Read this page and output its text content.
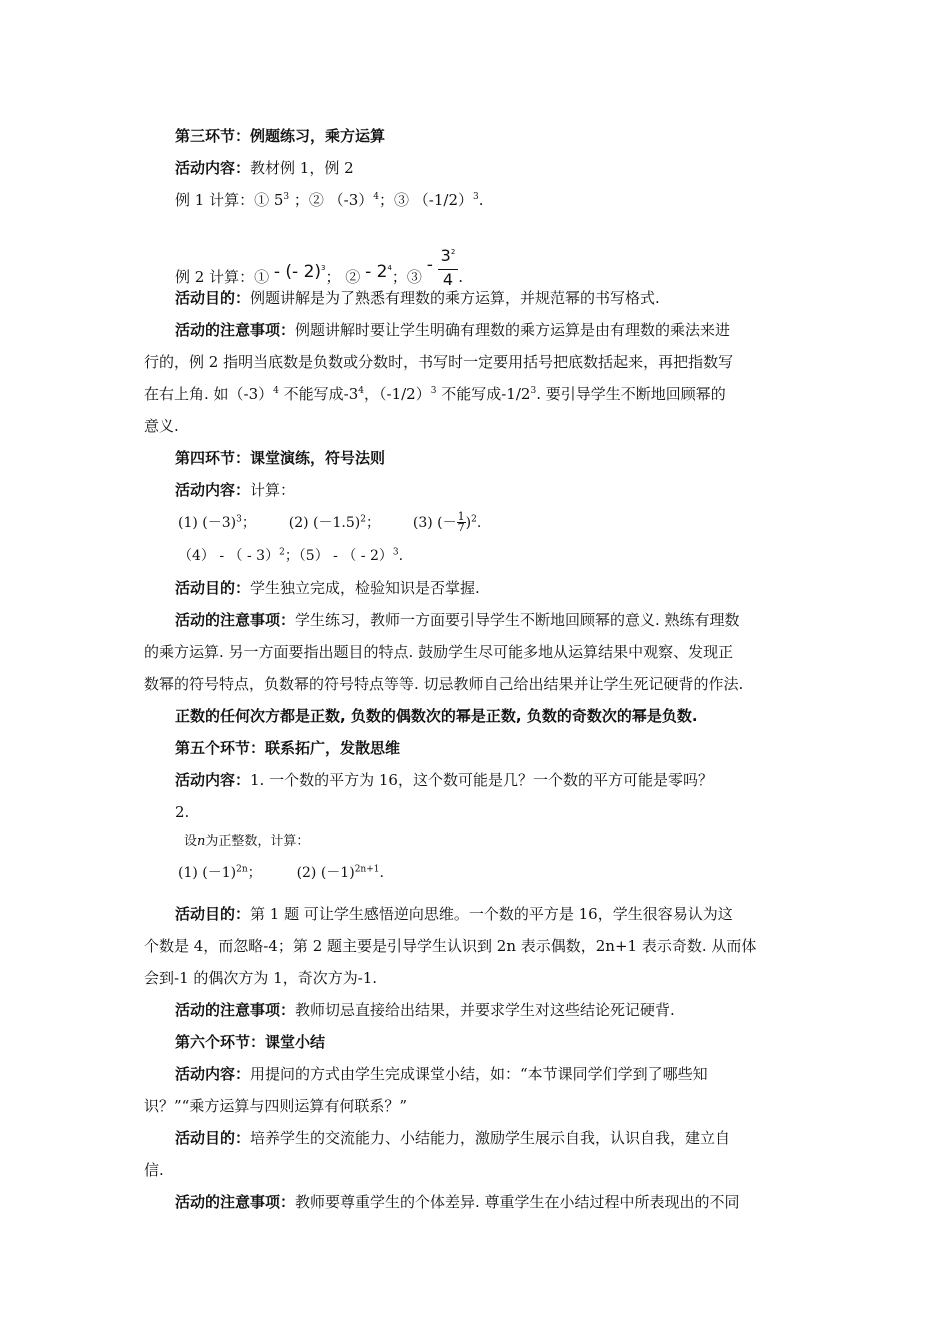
第三环节：例题练习，乘方运算
活动内容：教材例 1，例 2
例 1 计算：① $5^3$ ；② $(-3)^4$；③ $(-1/2)^3$.
例 2 计算：① - (- 2)$^3$； ② - $2^4$；③ - $\frac{3^2}{4}$ .
活动目的：例题讲解是为了熟悉有理数的乘方运算，并规范幂的书写格式.
活动的注意事项：例题讲解时要让学生明确有理数的乘方运算是由有理数的乘法来进
行的，例 2 指明当底数是负数或分数时，书写时一定要用括号把底数括起来，再把指数写
在右上角. 如$(-3)^4$ 不能写成$-3^4$，$(-1/2)^3$ 不能写成$-1/2^3$. 要引导学生不断地回顾幂的
意义.
第四环节：课堂演练，符号法则
活动内容：计算：
(1) $(-3)^3$； (2) $(-1.5)^2$； (3) (－ $\frac{1}{7} )^2$.
（4） - （ - 3）$^2$；（5） - （ - 2）$^3$.
活动目的：学生独立完成，检验知识是否掌握.
活动的注意事项：学生练习，教师一方面要引导学生不断地回顾幂的意义. 熟练有理数
的乘方运算. 另一方面要指出题目的特点. 鼓励学生尽可能多地从运算结果中观察、发现正
数幂的符号特点，负数幂的符号特点等等. 切忌教师自己给出结果并让学生死记硬背的作法.
正数的任何次方都是正数, 负数的偶数次的幂是正数, 负数的奇数次的幂是负数.
第五个环节：联系拓广，发散思维
活动内容：1. 一个数的平方为 16，这个数可能是几？一个数的平方可能是零吗？
2.
设n为正整数，计算：
(1) $(-1)^{2n}$； (2) $(-1)^{2n+1}$.
活动目的：第 1 题 可让学生感悟逆向思维。一个数的平方是 16，学生很容易认为这
个数是 4，而忽略-4；第 2 题主要是引导学生认识到 2n 表示偶数，2n+1 表示奇数. 从而体
会到-1 的偶次方为 1，奇次方为-1.
活动的注意事项：教师切忌直接给出结果，并要求学生对这些结论死记硬背.
第六个环节：课堂小结
活动内容：用提问的方式由学生完成课堂小结，如：“本节课同学们学到了哪些知
识？”“乘方运算与四则运算有何联系？”
活动目的：培养学生的交流能力、小结能力，激励学生展示自我，认识自我，建立自
信.
活动的注意事项：教师要尊重学生的个体差异. 尊重学生在小结过程中所表现出的不同
